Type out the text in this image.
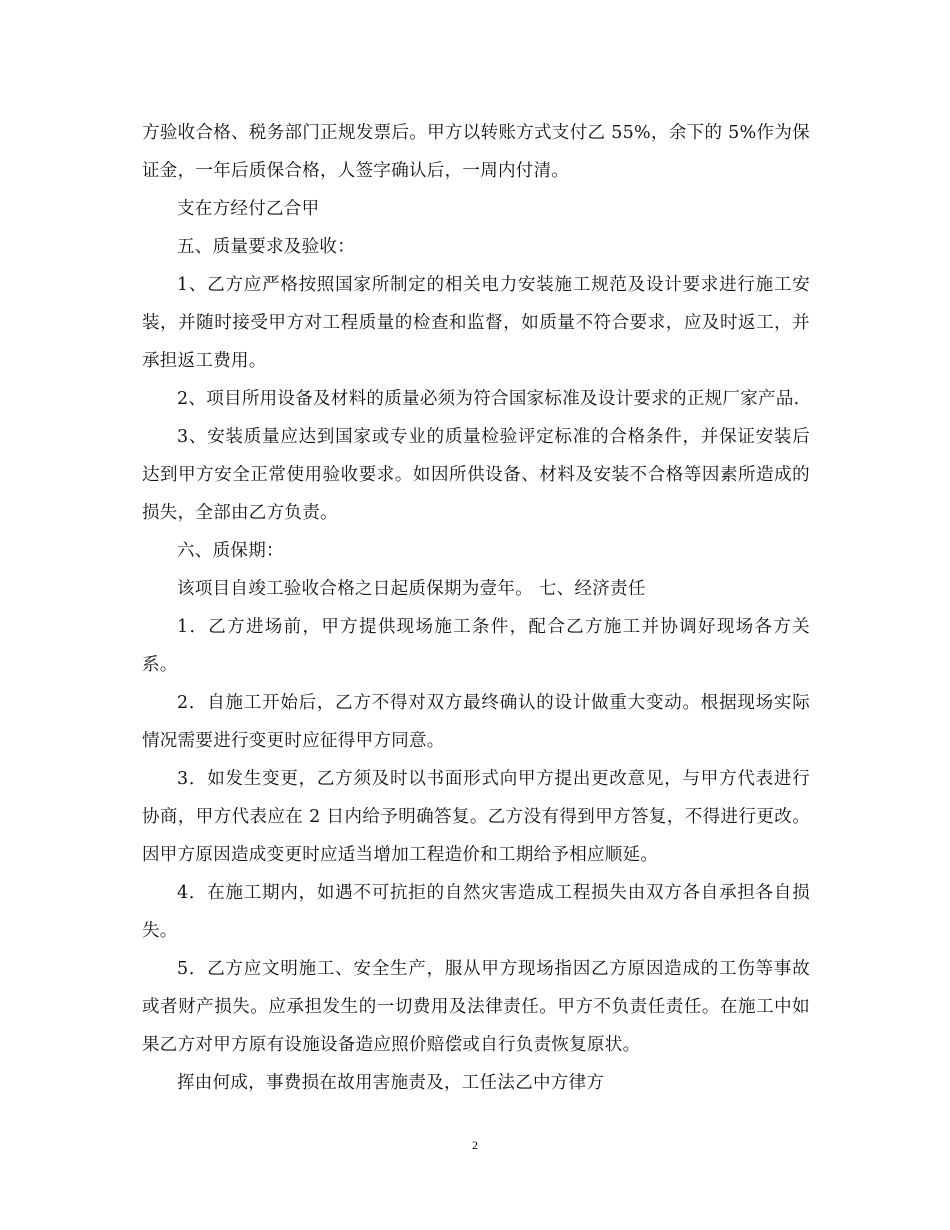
方验收合格、税务部门正规发票后。甲方以转账方式支付乙 55%，余下的 5%作为保证金，一年后质保合格，人签字确认后，一周内付清。

支在方经付乙合甲

五、质量要求及验收：

1、乙方应严格按照国家所制定的相关电力安装施工规范及设计要求进行施工安装，并随时接受甲方对工程质量的检查和监督，如质量不符合要求，应及时返工，并承担返工费用。

2、项目所用设备及材料的质量必须为符合国家标准及设计要求的正规厂家产品.

3、安装质量应达到国家或专业的质量检验评定标准的合格条件，并保证安装后达到甲方安全正常使用验收要求。如因所供设备、材料及安装不合格等因素所造成的损失，全部由乙方负责。

六、质保期：

该项目自竣工验收合格之日起质保期为壹年。 七、经济责任

1．乙方进场前，甲方提供现场施工条件，配合乙方施工并协调好现场各方关系。

2．自施工开始后，乙方不得对双方最终确认的设计做重大变动。根据现场实际情况需要进行变更时应征得甲方同意。

3．如发生变更，乙方须及时以书面形式向甲方提出更改意见，与甲方代表进行协商，甲方代表应在 2 日内给予明确答复。乙方没有得到甲方答复，不得进行更改。因甲方原因造成变更时应适当增加工程造价和工期给予相应顺延。

4．在施工期内，如遇不可抗拒的自然灾害造成工程损失由双方各自承担各自损失。

5．乙方应文明施工、安全生产，服从甲方现场指因乙方原因造成的工伤等事故或者财产损失。应承担发生的一切费用及法律责任。甲方不负责任责任。在施工中如果乙方对甲方原有设施设备造应照价赔偿或自行负责恢复原状。

挥由何成，事费损在故用害施责及，工任法乙中方律方

2
